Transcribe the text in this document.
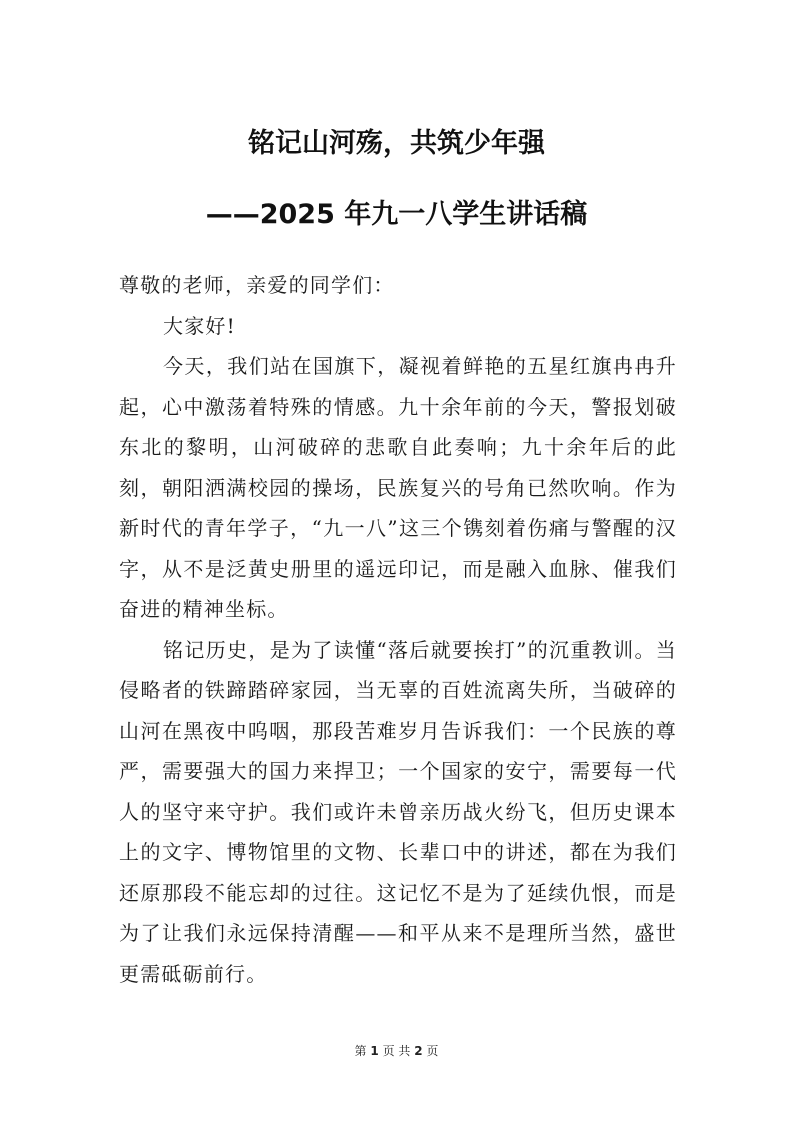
铭记山河殇，共筑少年强
——2025 年九一八学生讲话稿

尊敬的老师，亲爱的同学们：

大家好!

今天，我们站在国旗下，凝视着鲜艳的五星红旗冉冉升起，心中激荡着特殊的情感。九十余年前的今天，警报划破东北的黎明，山河破碎的悲歌自此奏响；九十余年后的此刻，朝阳洒满校园的操场，民族复兴的号角已然吹响。作为新时代的青年学子，“九一八”这三个镌刻着伤痛与警醒的汉字，从不是泛黄史册里的遥远印记，而是融入血脉、催我们奋进的精神坐标。

铭记历史，是为了读懂“落后就要挨打”的沉重教训。当侵略者的铁蹄踏碎家园，当无辜的百姓流离失所，当破碎的山河在黑夜中呜咽，那段苦难岁月告诉我们：一个民族的尊严，需要强大的国力来捍卫；一个国家的安宁，需要每一代人的坚守来守护。我们或许未曾亲历战火纷飞，但历史课本上的文字、博物馆里的文物、长辈口中的讲述，都在为我们还原那段不能忘却的过往。这记忆不是为了延续仇恨，而是为了让我们永远保持清醒——和平从来不是理所当然，盛世更需砥砺前行。

第 1 页 共 2 页
